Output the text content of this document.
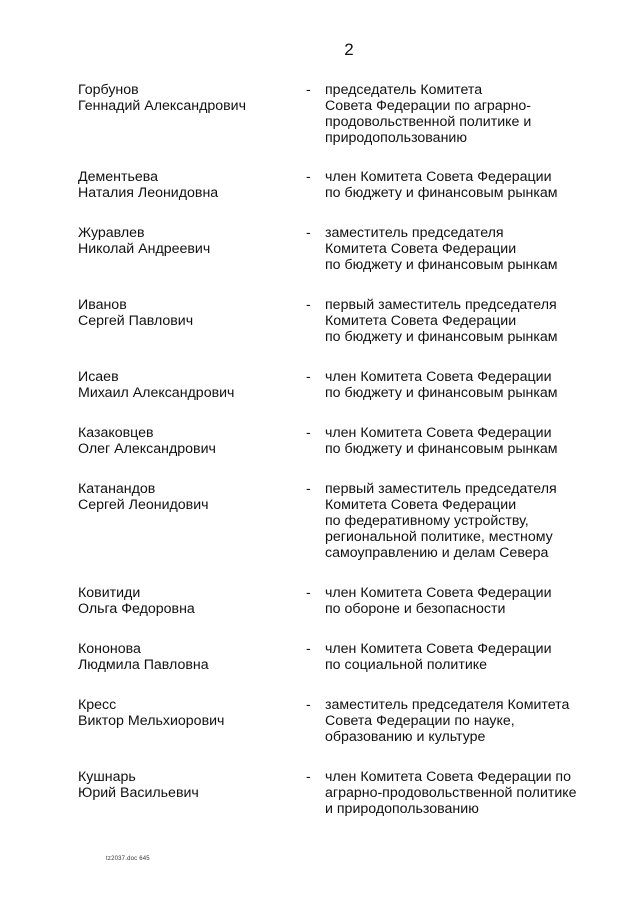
2
Горбунов
Геннадий Александрович
- председатель Комитета
Совета Федерации по аграрно-
продовольственной политике и
природопользованию
Дементьева
Наталия Леонидовна
- член Комитета Совета Федерации
по бюджету и финансовым рынкам
Журавлев
Николай Андреевич
- заместитель председателя
Комитета Совета Федерации
по бюджету и финансовым рынкам
Иванов
Сергей Павлович
- первый заместитель председателя
Комитета Совета Федерации
по бюджету и финансовым рынкам
Исаев
Михаил Александрович
- член Комитета Совета Федерации
по бюджету и финансовым рынкам
Казаковцев
Олег Александрович
- член Комитета Совета Федерации
по бюджету и финансовым рынкам
Катанандов
Сергей Леонидович
- первый заместитель председателя
Комитета Совета Федерации
по федеративному устройству,
региональной политике, местному
самоуправлению и делам Севера
Ковитиди
Ольга Федоровна
- член Комитета Совета Федерации
по обороне и безопасности
Кононова
Людмила Павловна
- член Комитета Совета Федерации
по социальной политике
Кресс
Виктор Мельхиорович
- заместитель председателя Комитета
Совета Федерации по науке,
образованию и культуре
Кушнарь
Юрий Васильевич
- член Комитета Совета Федерации по
аграрно-продовольственной политике
и природопользованию
tz2037.doc 645
